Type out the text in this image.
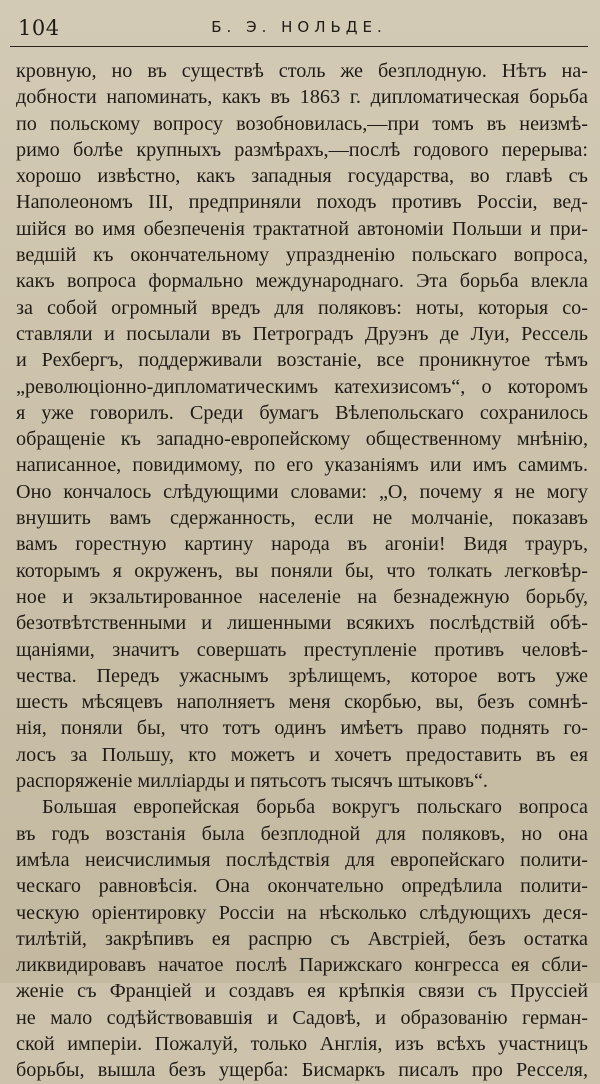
104	Б. Э. НОЛЬДЕ.
кровную, но въ существѣ столь же безплодную. Нѣтъ на-
добности напоминать, какъ въ 1863 г. дипломатическая борьба
по польскому вопросу возобновилась,—при томъ въ неизмѣ-
римо болѣе крупныхъ размѣрахъ,—послѣ годового перерыва:
хорошо извѣстно, какъ западныя государства, во главѣ съ
Наполеономъ III, предприняли походъ противъ Россіи, вед-
шійся во имя обезпеченія трактатной автономіи Польши и при-
ведшій къ окончательному упраздненію польскаго вопроса,
какъ вопроса формально международнаго. Эта борьба влекла
за собой огромный вредъ для поляковъ: ноты, которыя со-
ставляли и посылали въ Петроградъ Друэнъ де Луи, Рессель
и Рехбергъ, поддерживали возстаніе, все проникнутое тѣмъ
„революціонно-дипломатическимъ катехизисомъ“, о которомъ
я уже говорилъ. Среди бумагъ Вѣлепольскаго сохранилось
обращеніе къ западно-европейскому общественному мнѣнію,
написанное, повидимому, по его указаніямъ или имъ самимъ.
Оно кончалось слѣдующими словами: „О, почему я не могу
внушить вамъ сдержанность, если не молчаніе, показавъ
вамъ горестную картину народа въ агоніи! Видя трауръ,
которымъ я окруженъ, вы поняли бы, что толкать легковѣр-
ное и экзальтированное населеніе на безнадежную борьбу,
безотвѣтственными и лишенными всякихъ послѣдствій обѣ-
щаніями, значитъ совершать преступленіе противъ человѣ-
чества. Передъ ужаснымъ зрѣлищемъ, которое вотъ уже
шесть мѣсяцевъ наполняетъ меня скорбью, вы, безъ сомнѣ-
нія, поняли бы, что тотъ одинъ имѣетъ право поднять го-
лосъ за Польшу, кто можетъ и хочетъ предоставить въ ея
распоряженіе милліарды и пятьсотъ тысячъ штыковъ“.
Большая европейская борьба вокругъ польскаго вопроса
въ годъ возстанія была безплодной для поляковъ, но она
имѣла неисчислимыя послѣдствія для европейскаго полити-
ческаго равновѣсія. Она окончательно опредѣлила полити-
ческую оріентировку Россіи на нѣсколько слѣдующихъ деся-
тилѣтій, закрѣпивъ ея распрю съ Австріей, безъ остатка
ликвидировавъ начатое послѣ Парижскаго конгресса ея сбли-
женіе съ Франціей и создавъ ея крѣпкія связи съ Пруссіей
не мало содѣйствовавшія и Садовѣ, и образованію герман-
ской имперіи. Пожалуй, только Англія, изъ всѣхъ участницъ
борьбы, вышла безъ ущерба: Бисмаркъ писалъ про Ресселя,
